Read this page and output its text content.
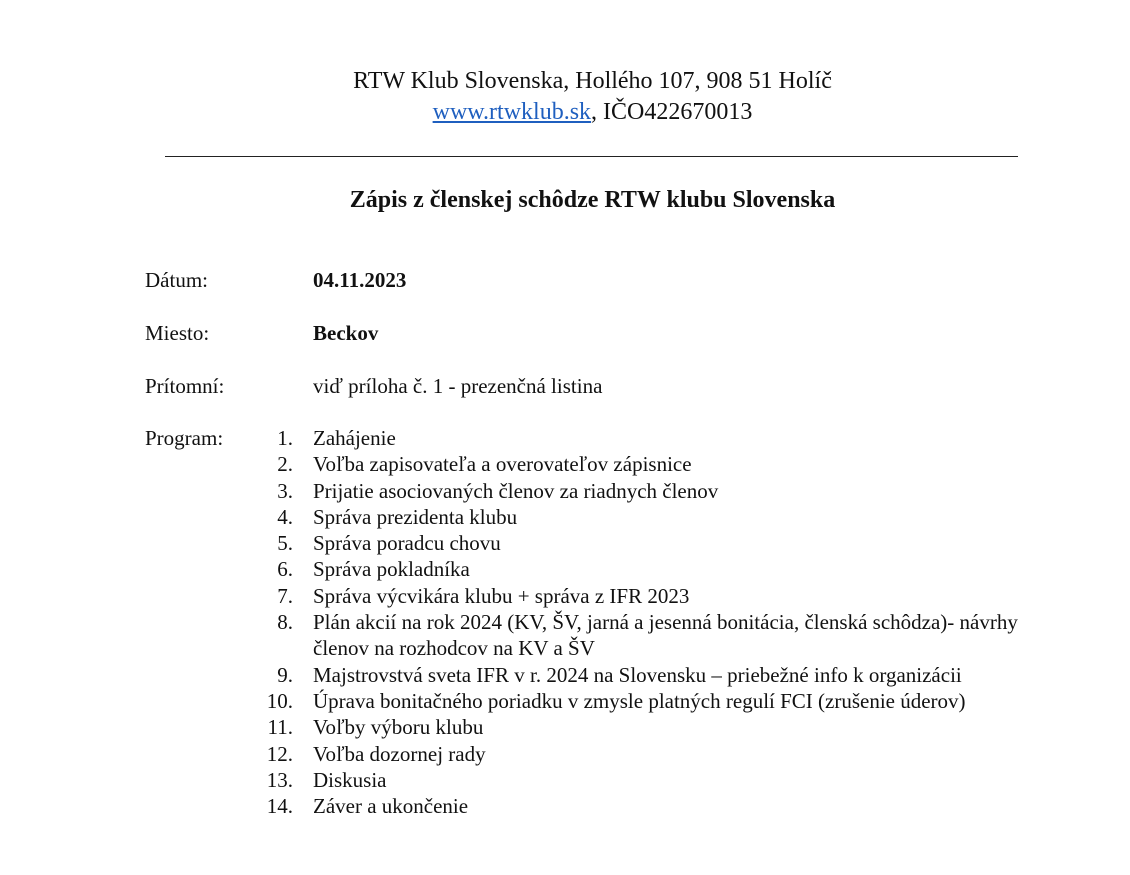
RTW Klub Slovenska, Hollého 107, 908 51 Holíč
www.rtwklub.sk, IČO422670013
Zápis z členskej schôdze RTW klubu Slovenska
Dátum:	04.11.2023
Miesto:	Beckov
Prítomní:	viď príloha č. 1 - prezenčná listina
Program:	1. Zahájenie
2. Voľba zapisovateľa a overovateľov zápisnice
3. Prijatie asociovaných členov za riadnych členov
4. Správa prezidenta klubu
5. Správa poradcu chovu
6. Správa pokladníka
7. Správa výcvikára klubu + správa z IFR 2023
8. Plán akcií na rok 2024 (KV, ŠV, jarná a jesenná bonitácia, členská schôdza)- návrhy členov na rozhodcov na KV a ŠV
9. Majstrovstvá sveta IFR v r. 2024 na Slovensku – priebežné info k organizácii
10. Úprava bonitačného poriadku v zmysle platných regulí FCI (zrušenie úderov)
11. Voľby výboru klubu
12. Voľba dozornej rady
13. Diskusia
14. Záver a ukončenie
